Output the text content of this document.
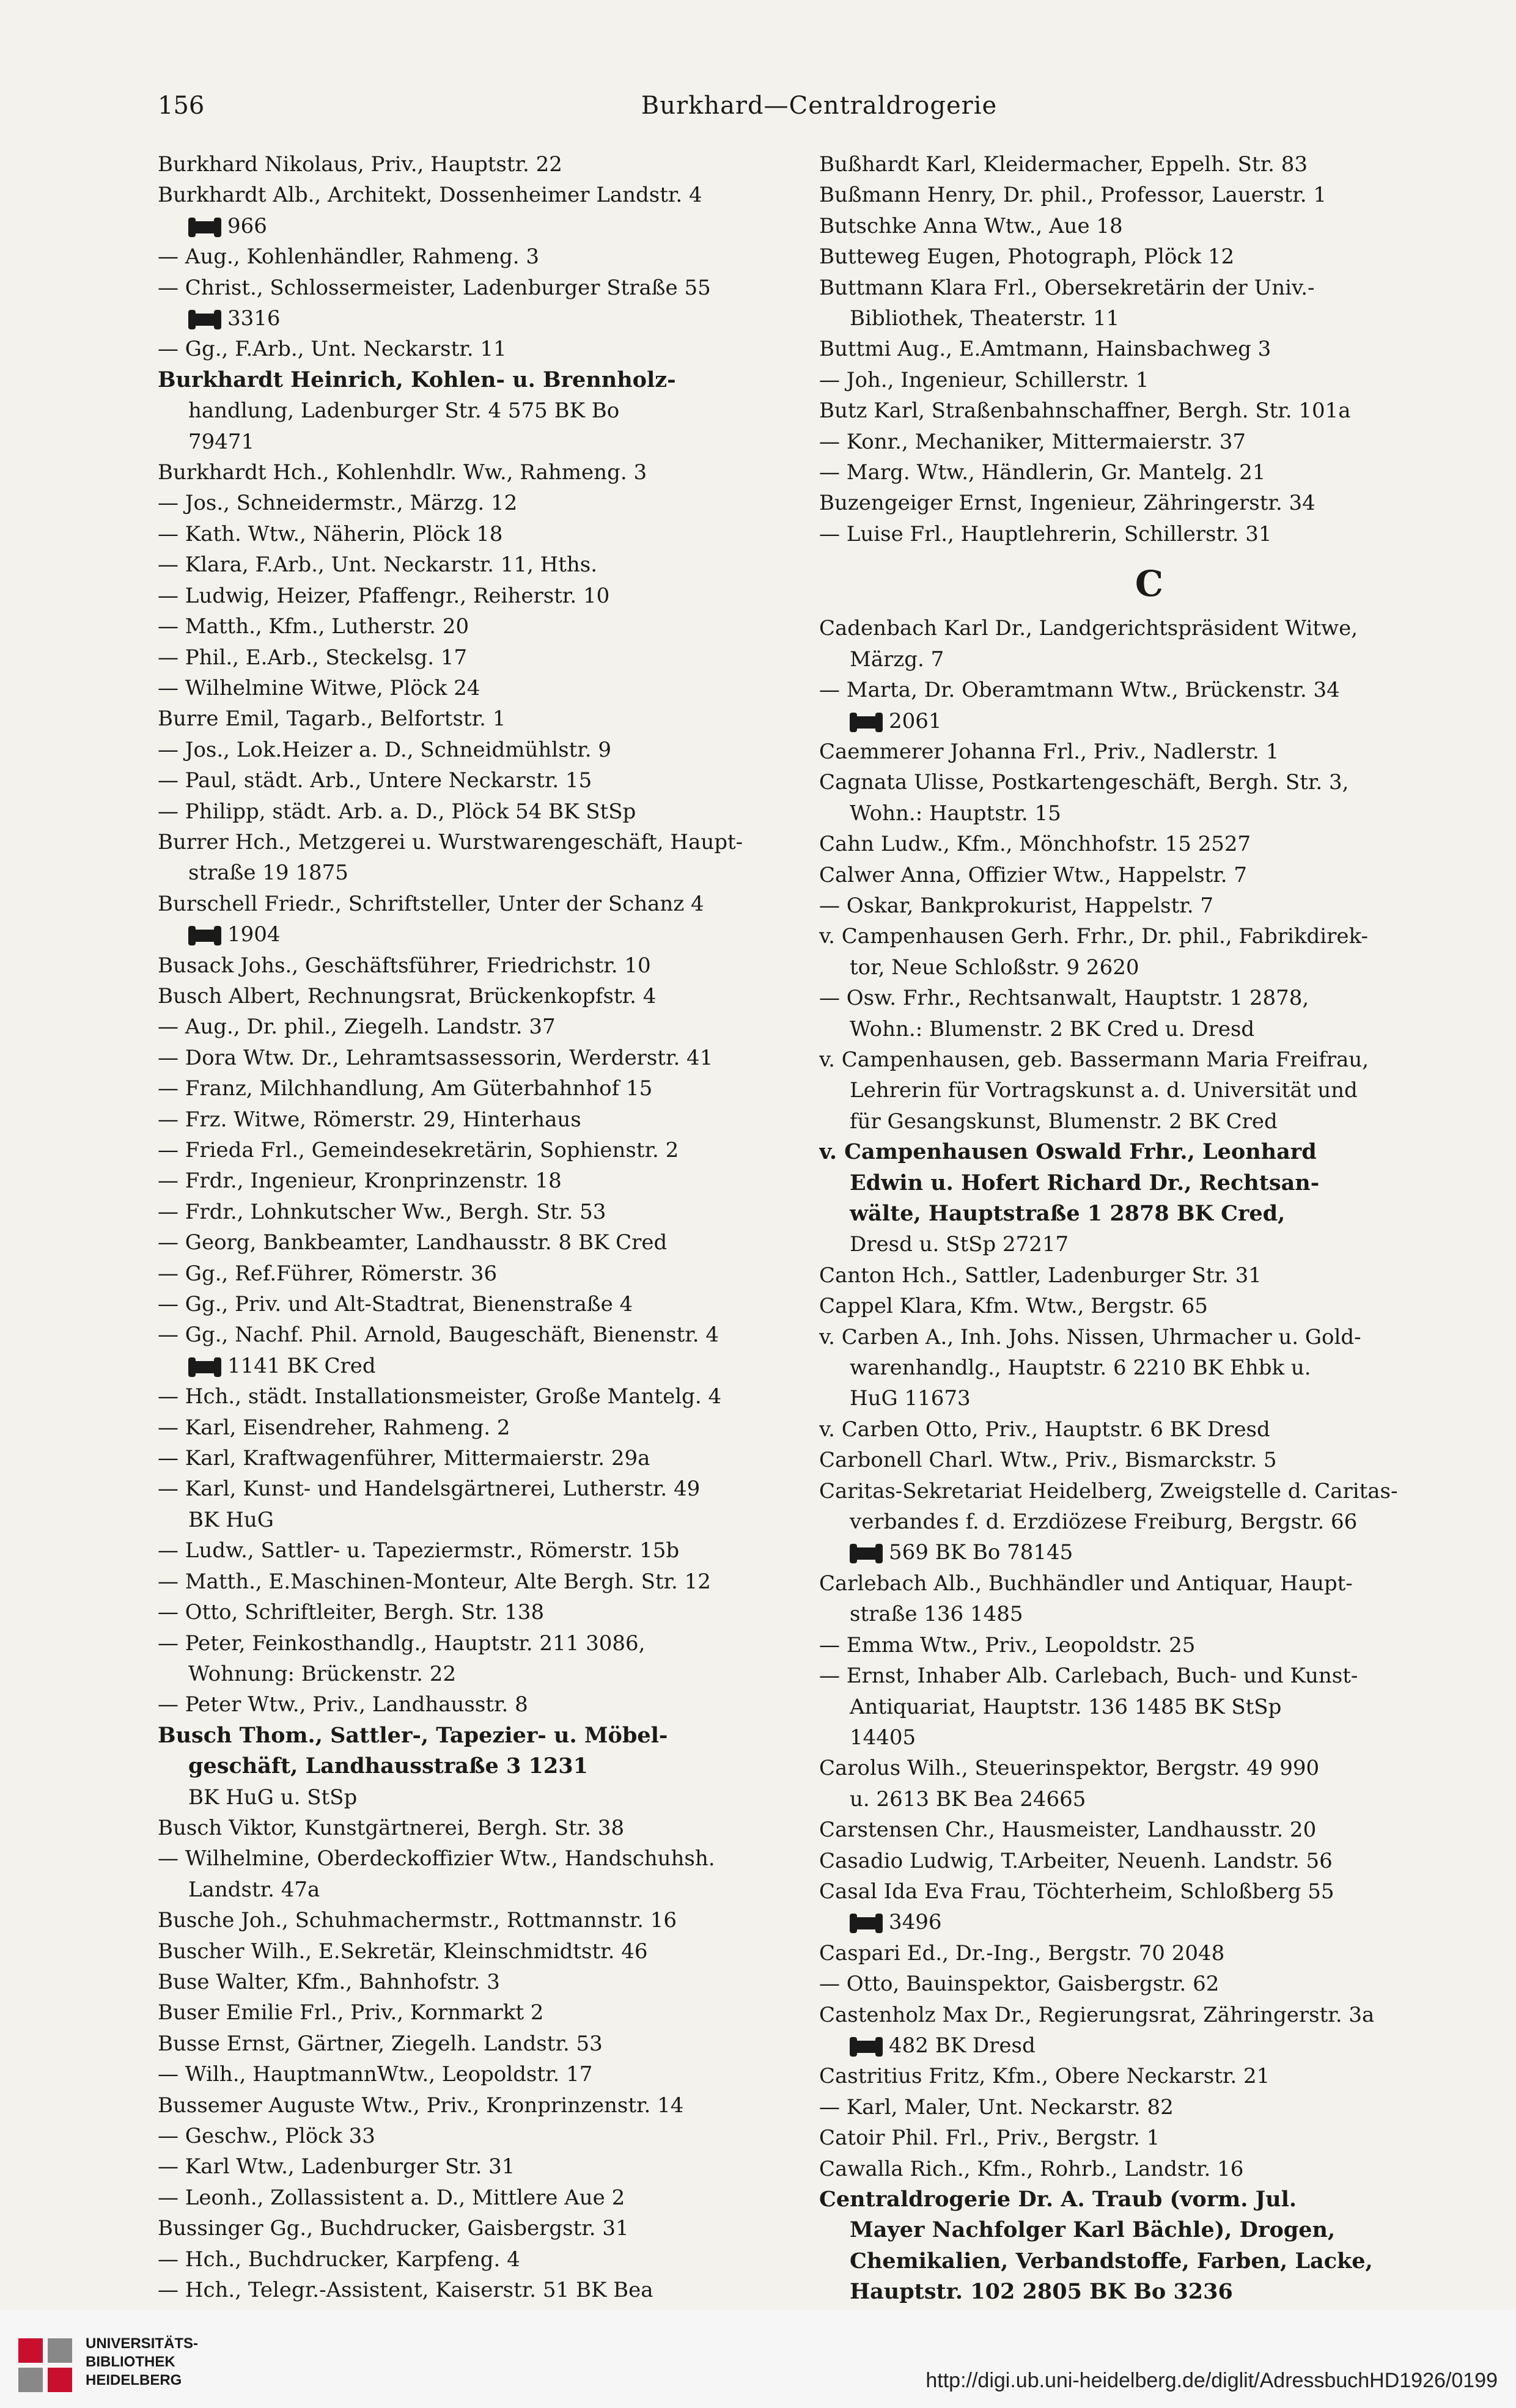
156	Burkhard—Centraldrogerie
Burkhard Nikolaus, Priv., Hauptstr. 22
Burkhardt Alb., Architekt, Dossenheimer Landstr. 4
966
— Aug., Kohlenhändler, Rahmeng. 3
— Christ., Schlossermeister, Ladenburger Straße 55
3316
— Gg., F.Arb., Unt. Neckarstr. 11
Burkhardt Heinrich, Kohlen- u. Brennholz-
handlung, Ladenburger Str. 4 575 BK Bo
79471
Burkhardt Hch., Kohlenhdlr. Ww., Rahmeng. 3
— Jos., Schneidermstr., Märzg. 12
— Kath. Wtw., Näherin, Plöck 18
— Klara, F.Arb., Unt. Neckarstr. 11, Hths.
— Ludwig, Heizer, Pfaffengr., Reiherstr. 10
— Matth., Kfm., Lutherstr. 20
— Phil., E.Arb., Steckelsg. 17
— Wilhelmine Witwe, Plöck 24
Burre Emil, Tagarb., Belfortstr. 1
— Jos., Lok.Heizer a. D., Schneidmühlstr. 9
— Paul, städt. Arb., Untere Neckarstr. 15
— Philipp, städt. Arb. a. D., Plöck 54 BK StSp
Burrer Hch., Metzgerei u. Wurstwarengeschäft, Haupt-
straße 19 1875
Burschell Friedr., Schriftsteller, Unter der Schanz 4
1904
Busack Johs., Geschäftsführer, Friedrichstr. 10
Busch Albert, Rechnungsrat, Brückenkopfstr. 4
— Aug., Dr. phil., Ziegelh. Landstr. 37
— Dora Wtw. Dr., Lehramtsassessorin, Werderstr. 41
— Franz, Milchhandlung, Am Güterbahnhof 15
— Frz. Witwe, Römerstr. 29, Hinterhaus
— Frieda Frl., Gemeindesekretärin, Sophienstr. 2
— Frdr., Ingenieur, Kronprinzenstr. 18
— Frdr., Lohnkutscher Ww., Bergh. Str. 53
— Georg, Bankbeamter, Landhausstr. 8 BK Cred
— Gg., Ref.Führer, Römerstr. 36
— Gg., Priv. und Alt-Stadtrat, Bienenstraße 4
— Gg., Nachf. Phil. Arnold, Baugeschäft, Bienenstr. 4
1141 BK Cred
— Hch., städt. Installationsmeister, Große Mantelg. 4
— Karl, Eisendreher, Rahmeng. 2
— Karl, Kraftwagenführer, Mittermaierstr. 29a
— Karl, Kunst- und Handelsgärtnerei, Lutherstr. 49
BK HuG
— Ludw., Sattler- u. Tapeziermstr., Römerstr. 15b
— Matth., E.Maschinen-Monteur, Alte Bergh. Str. 12
— Otto, Schriftleiter, Bergh. Str. 138
— Peter, Feinkosthandlg., Hauptstr. 211 3086,
Wohnung: Brückenstr. 22
— Peter Wtw., Priv., Landhausstr. 8
Busch Thom., Sattler-, Tapezier- u. Möbel-
geschäft, Landhausstraße 3 1231
BK HuG u. StSp
Busch Viktor, Kunstgärtnerei, Bergh. Str. 38
— Wilhelmine, Oberdeckoffizier Wtw., Handschuhsh.
Landstr. 47a
Busche Joh., Schuhmachermstr., Rottmannstr. 16
Buscher Wilh., E.Sekretär, Kleinschmidtstr. 46
Buse Walter, Kfm., Bahnhofstr. 3
Buser Emilie Frl., Priv., Kornmarkt 2
Busse Ernst, Gärtner, Ziegelh. Landstr. 53
— Wilh., HauptmannWtw., Leopoldstr. 17
Bussemer Auguste Wtw., Priv., Kronprinzenstr. 14
— Geschw., Plöck 33
— Karl Wtw., Ladenburger Str. 31
— Leonh., Zollassistent a. D., Mittlere Aue 2
Bussinger Gg., Buchdrucker, Gaisbergstr. 31
— Hch., Buchdrucker, Karpfeng. 4
— Hch., Telegr.-Assistent, Kaiserstr. 51 BK Bea
Bußhardt Karl, Kleidermacher, Eppelh. Str. 83
Bußmann Henry, Dr. phil., Professor, Lauerstr. 1
Butschke Anna Wtw., Aue 18
Butteweg Eugen, Photograph, Plöck 12
Buttmann Klara Frl., Obersekretärin der Univ.-
Bibliothek, Theaterstr. 11
Buttmi Aug., E.Amtmann, Hainsbachweg 3
— Joh., Ingenieur, Schillerstr. 1
Butz Karl, Straßenbahnschaffner, Bergh. Str. 101a
— Konr., Mechaniker, Mittermaierstr. 37
— Marg. Wtw., Händlerin, Gr. Mantelg. 21
Buzengeiger Ernst, Ingenieur, Zähringerstr. 34
— Luise Frl., Hauptlehrerin, Schillerstr. 31
C
Cadenbach Karl Dr., Landgerichtspräsident Witwe,
Märzg. 7
— Marta, Dr. Oberamtmann Wtw., Brückenstr. 34
2061
Caemmerer Johanna Frl., Priv., Nadlerstr. 1
Cagnata Ulisse, Postkartengeschäft, Bergh. Str. 3,
Wohn.: Hauptstr. 15
Cahn Ludw., Kfm., Mönchhofstr. 15 2527
Calwer Anna, Offizier Wtw., Happelstr. 7
— Oskar, Bankprokurist, Happelstr. 7
v. Campenhausen Gerh. Frhr., Dr. phil., Fabrikdirek-
tor, Neue Schloßstr. 9 2620
— Osw. Frhr., Rechtsanwalt, Hauptstr. 1 2878,
Wohn.: Blumenstr. 2 BK Cred u. Dresd
v. Campenhausen, geb. Bassermann Maria Freifrau,
Lehrerin für Vortragskunst a. d. Universität und
für Gesangskunst, Blumenstr. 2 BK Cred
v. Campenhausen Oswald Frhr., Leonhard
Edwin u. Hofert Richard Dr., Rechtsan-
wälte, Hauptstraße 1 2878 BK Cred,
Dresd u. StSp 27217
Canton Hch., Sattler, Ladenburger Str. 31
Cappel Klara, Kfm. Wtw., Bergstr. 65
v. Carben A., Inh. Johs. Nissen, Uhrmacher u. Gold-
warenhandlg., Hauptstr. 6 2210 BK Ehbk u.
HuG 11673
v. Carben Otto, Priv., Hauptstr. 6 BK Dresd
Carbonell Charl. Wtw., Priv., Bismarckstr. 5
Caritas-Sekretariat Heidelberg, Zweigstelle d. Caritas-
verbandes f. d. Erzdiözese Freiburg, Bergstr. 66
569 BK Bo 78145
Carlebach Alb., Buchhändler und Antiquar, Haupt-
straße 136 1485
— Emma Wtw., Priv., Leopoldstr. 25
— Ernst, Inhaber Alb. Carlebach, Buch- und Kunst-
Antiquariat, Hauptstr. 136 1485 BK StSp
14405
Carolus Wilh., Steuerinspektor, Bergstr. 49 990
u. 2613 BK Bea 24665
Carstensen Chr., Hausmeister, Landhausstr. 20
Casadio Ludwig, T.Arbeiter, Neuenh. Landstr. 56
Casal Ida Eva Frau, Töchterheim, Schloßberg 55
3496
Caspari Ed., Dr.-Ing., Bergstr. 70 2048
— Otto, Bauinspektor, Gaisbergstr. 62
Castenholz Max Dr., Regierungsrat, Zähringerstr. 3a
482 BK Dresd
Castritius Fritz, Kfm., Obere Neckarstr. 21
— Karl, Maler, Unt. Neckarstr. 82
Catoir Phil. Frl., Priv., Bergstr. 1
Cawalla Rich., Kfm., Rohrb., Landstr. 16
Centraldrogerie Dr. A. Traub (vorm. Jul.
Mayer Nachfolger Karl Bächle), Drogen,
Chemikalien, Verbandstoffe, Farben, Lacke,
Hauptstr. 102 2805 BK Bo 3236
UNIVERSITÄTS-
BIBLIOTHEK
HEIDELBERG	http://digi.ub.uni-heidelberg.de/diglit/AdressbuchHD1926/0199
